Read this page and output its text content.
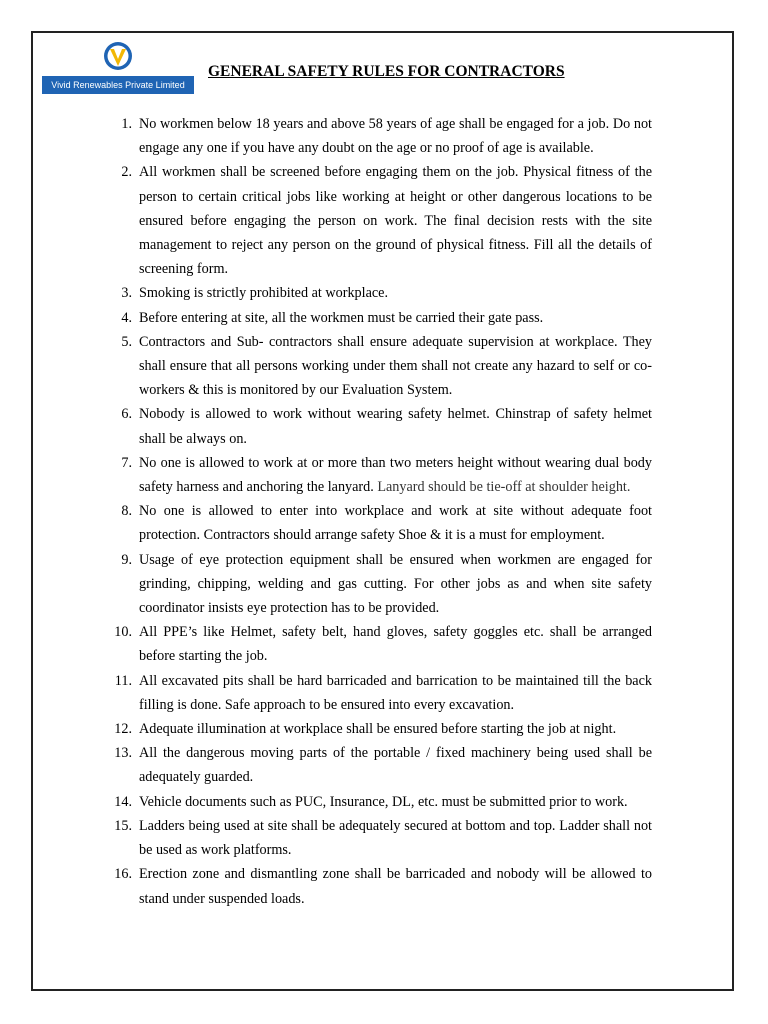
Vivid Renewables Private Limited
GENERAL SAFETY RULES FOR CONTRACTORS
1. No workmen below 18 years and above 58 years of age shall be engaged for a job. Do not engage any one if you have any doubt on the age or no proof of age is available.
2. All workmen shall be screened before engaging them on the job. Physical fitness of the person to certain critical jobs like working at height or other dangerous locations to be ensured before engaging the person on work. The final decision rests with the site management to reject any person on the ground of physical fitness. Fill all the details of screening form.
3. Smoking is strictly prohibited at workplace.
4. Before entering at site, all the workmen must be carried their gate pass.
5. Contractors and Sub- contractors shall ensure adequate supervision at workplace. They shall ensure that all persons working under them shall not create any hazard to self or co-workers & this is monitored by our Evaluation System.
6. Nobody is allowed to work without wearing safety helmet. Chinstrap of safety helmet shall be always on.
7. No one is allowed to work at or more than two meters height without wearing dual body safety harness and anchoring the lanyard. Lanyard should be tie-off at shoulder height.
8. No one is allowed to enter into workplace and work at site without adequate foot protection. Contractors should arrange safety Shoe & it is a must for employment.
9. Usage of eye protection equipment shall be ensured when workmen are engaged for grinding, chipping, welding and gas cutting. For other jobs as and when site safety coordinator insists eye protection has to be provided.
10. All PPE’s like Helmet, safety belt, hand gloves, safety goggles etc. shall be arranged before starting the job.
11. All excavated pits shall be hard barricaded and barrication to be maintained till the back filling is done. Safe approach to be ensured into every excavation.
12. Adequate illumination at workplace shall be ensured before starting the job at night.
13. All the dangerous moving parts of the portable / fixed machinery being used shall be adequately guarded.
14. Vehicle documents such as PUC, Insurance, DL, etc. must be submitted prior to work.
15. Ladders being used at site shall be adequately secured at bottom and top. Ladder shall not be used as work platforms.
16. Erection zone and dismantling zone shall be barricaded and nobody will be allowed to stand under suspended loads.
